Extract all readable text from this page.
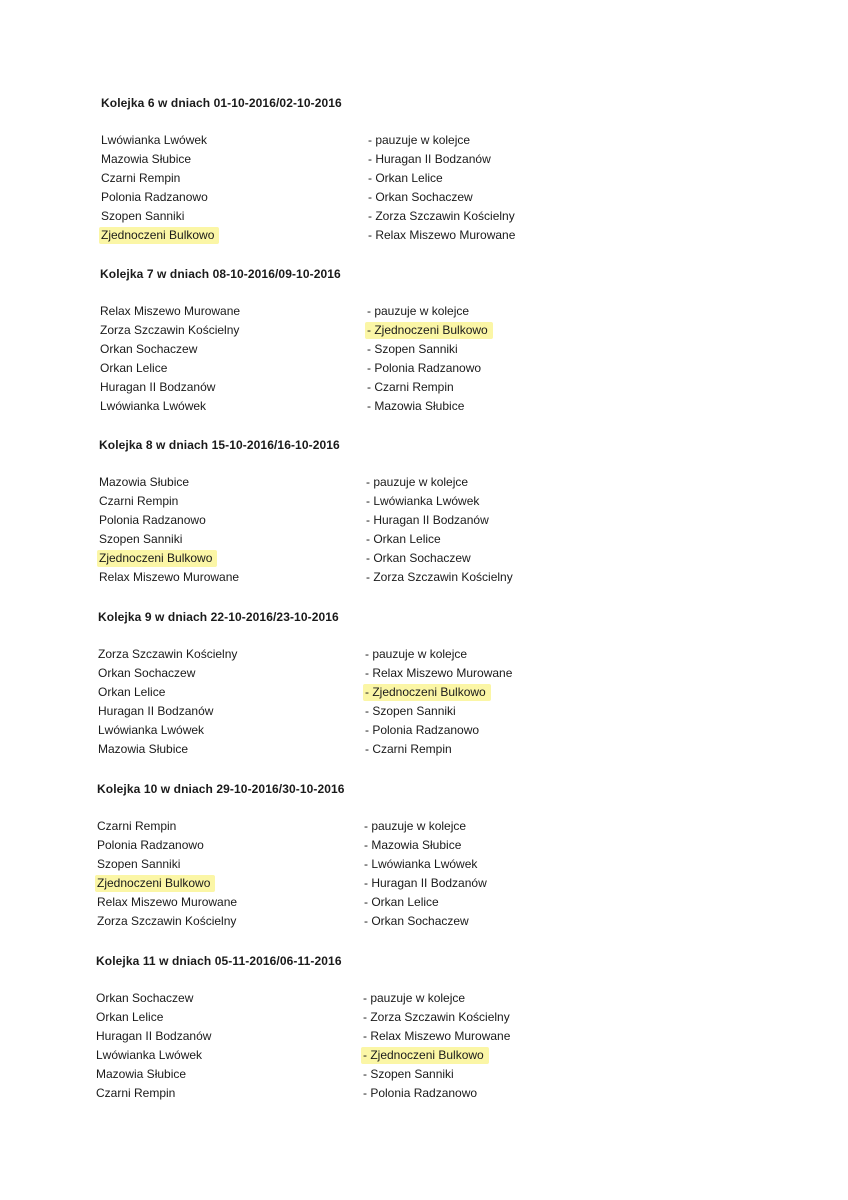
Kolejka 6 w dniach 01-10-2016/02-10-2016
Lwówianka Lwówek	- pauzuje w kolejce
Mazowia Słubice	- Huragan II Bodzanów
Czarni Rempin	- Orkan Lelice
Polonia Radzanowo	- Orkan Sochaczew
Szopen Sanniki	- Zorza Szczawin Kościelny
Zjednoczeni Bulkowo	- Relax Miszewo Murowane
Kolejka 7 w dniach 08-10-2016/09-10-2016
Relax Miszewo Murowane	- pauzuje w kolejce
Zorza Szczawin Kościelny	- Zjednoczeni Bulkowo
Orkan Sochaczew	- Szopen Sanniki
Orkan Lelice	- Polonia Radzanowo
Huragan II Bodzanów	- Czarni Rempin
Lwówianka Lwówek	- Mazowia Słubice
Kolejka 8 w dniach 15-10-2016/16-10-2016
Mazowia Słubice	- pauzuje w kolejce
Czarni Rempin	- Lwówianka Lwówek
Polonia Radzanowo	- Huragan II Bodzanów
Szopen Sanniki	- Orkan Lelice
Zjednoczeni Bulkowo	- Orkan Sochaczew
Relax Miszewo Murowane	- Zorza Szczawin Kościelny
Kolejka 9 w dniach 22-10-2016/23-10-2016
Zorza Szczawin Kościelny	- pauzuje w kolejce
Orkan Sochaczew	- Relax Miszewo Murowane
Orkan Lelice	- Zjednoczeni Bulkowo
Huragan II Bodzanów	- Szopen Sanniki
Lwówianka Lwówek	- Polonia Radzanowo
Mazowia Słubice	- Czarni Rempin
Kolejka 10 w dniach 29-10-2016/30-10-2016
Czarni Rempin	- pauzuje w kolejce
Polonia Radzanowo	- Mazowia Słubice
Szopen Sanniki	- Lwówianka Lwówek
Zjednoczeni Bulkowo	- Huragan II Bodzanów
Relax Miszewo Murowane	- Orkan Lelice
Zorza Szczawin Kościelny	- Orkan Sochaczew
Kolejka 11 w dniach 05-11-2016/06-11-2016
Orkan Sochaczew	- pauzuje w kolejce
Orkan Lelice	- Zorza Szczawin Kościelny
Huragan II Bodzanów	- Relax Miszewo Murowane
Lwówianka Lwówek	- Zjednoczeni Bulkowo
Mazowia Słubice	- Szopen Sanniki
Czarni Rempin	- Polonia Radzanowo
